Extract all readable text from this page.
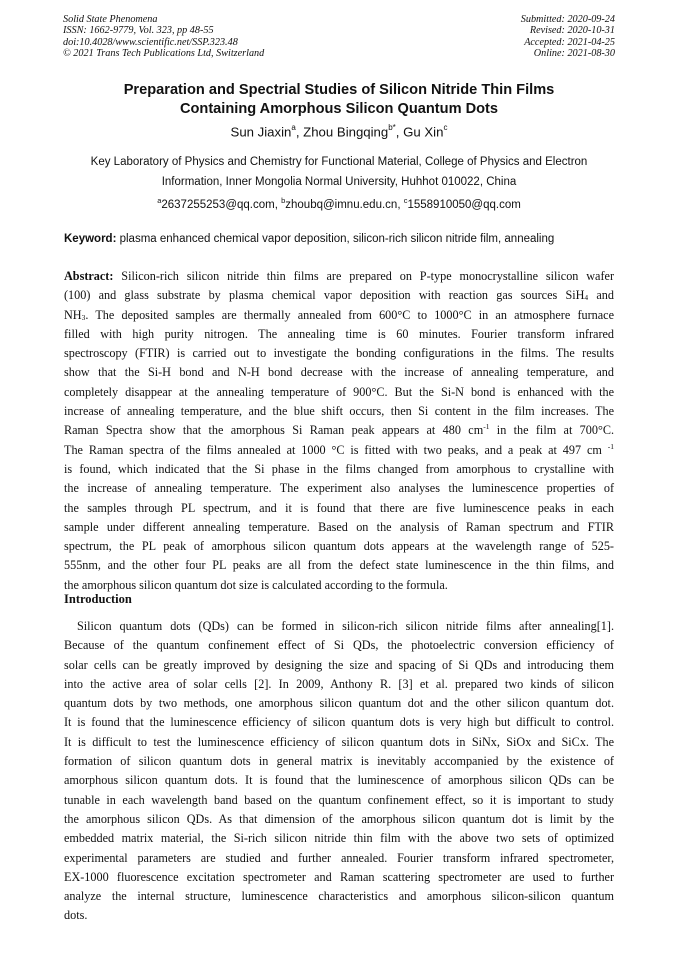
Solid State Phenomena
ISSN: 1662-9779, Vol. 323, pp 48-55
doi:10.4028/www.scientific.net/SSP.323.48
© 2021 Trans Tech Publications Ltd, Switzerland
Submitted: 2020-09-24
Revised: 2020-10-31
Accepted: 2021-04-25
Online: 2021-08-30
Preparation and Spectrial Studies of Silicon Nitride Thin Films
Containing Amorphous Silicon Quantum Dots
Sun Jiaxin$^a$, Zhou Bingqing$^{b*}$, Gu Xin$^c$
Key Laboratory of Physics and Chemistry for Functional Material, College of Physics and Electron
Information, Inner Mongolia Normal University, Huhhot 010022, China
$^a$2637255253@qq.com, $^b$zhoubq@imnu.edu.cn, $^c$1558910050@qq.com
Keyword: plasma enhanced chemical vapor deposition, silicon-rich silicon nitride film, annealing
Abstract: Silicon-rich silicon nitride thin films are prepared on P-type monocrystalline silicon wafer
(100) and glass substrate by plasma chemical vapor deposition with reaction gas sources SiH$_4$ and
$NH_3$. The deposited samples are thermally annealed from 600°C to 1000°C in an atmosphere furnace
filled with high purity nitrogen. The annealing time is 60 minutes. Fourier transform infrared
spectroscopy (FTIR) is carried out to investigate the bonding configurations in the films. The results
show that the Si-H bond and N-H bond decrease with the increase of annealing temperature, and
completely disappear at the annealing temperature of 900°C. But the Si-N bond is enhanced with the
increase of annealing temperature, and the blue shift occurs, then Si content in the film increases. The
Raman Spectra show that the amorphous Si Raman peak appears at 480 $cm^{-1}$ in the film at 700°C.
The Raman spectra of the films annealed at 1000 °C is fitted with two peaks, and a peak at 497 cm $^{-1}$
is found, which indicated that the Si phase in the films changed from amorphous to crystalline with
the increase of annealing temperature. The experiment also analyses the luminescence properties of
the samples through PL spectrum, and it is found that there are five luminescence peaks in each
sample under different annealing temperature. Based on the analysis of Raman spectrum and FTIR
spectrum, the PL peak of amorphous silicon quantum dots appears at the wavelength range of 525-
555nm, and the other four PL peaks are all from the defect state luminescence in the thin films, and
the amorphous silicon quantum dot size is calculated according to the formula.
Introduction
Silicon quantum dots (QDs) can be formed in silicon-rich silicon nitride films after annealing[1].
Because of the quantum confinement effect of Si QDs, the photoelectric conversion efficiency of
solar cells can be greatly improved by designing the size and spacing of Si QDs and introducing them
into the active area of solar cells [2]. In 2009, Anthony R. [3] et al. prepared two kinds of silicon
quantum dots by two methods, one amorphous silicon quantum dot and the other silicon quantum dot.
It is found that the luminescence efficiency of silicon quantum dots is very high but difficult to control.
It is difficult to test the luminescence efficiency of silicon quantum dots in SiNx, SiOx and SiCx. The
formation of silicon quantum dots in general matrix is inevitably accompanied by the existence of
amorphous silicon quantum dots. It is found that the luminescence of amorphous silicon QDs can be
tunable in each wavelength band based on the quantum confinement effect, so it is important to study
the amorphous silicon QDs. As that dimension of the amorphous silicon quantum dot is limit by the
embedded matrix material, the Si-rich silicon nitride thin film with the above two sets of optimized
experimental parameters are studied and further annealed. Fourier transform infrared spectrometer,
EX-1000 fluorescence excitation spectrometer and Raman scattering spectrometer are used to further
analyze the internal structure, luminescence characteristics and amorphous silicon-silicon quantum
dots.
